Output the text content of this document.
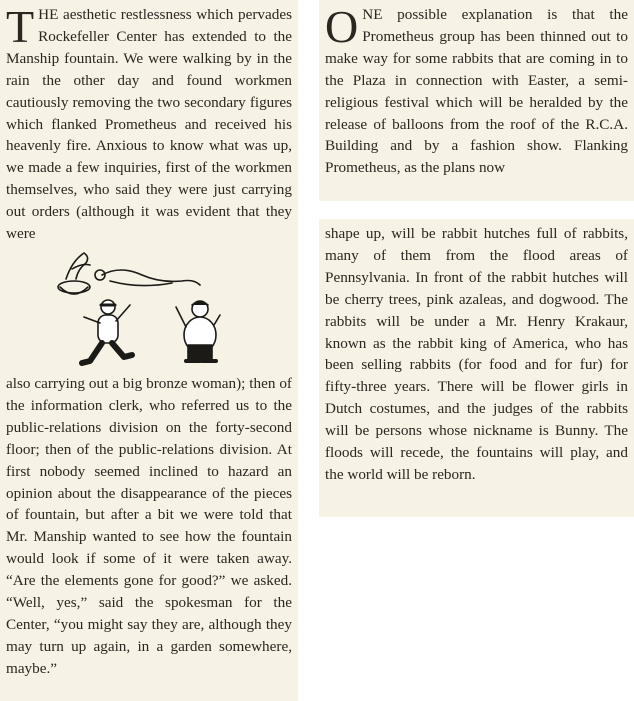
THE aesthetic restlessness which pervades Rockefeller Center has extended to the Manship fountain. We were walking by in the rain the other day and found workmen cautiously removing the two secondary figures which flanked Prometheus and received his heavenly fire. Anxious to know what was up, we made a few inquiries, first of the workmen themselves, who said they were just carrying out orders (although it was evident that they were

also carrying out a big bronze woman); then of the information clerk, who referred us to the public-relations division on the forty-second floor; then of the public-relations division. At first nobody seemed inclined to hazard an opinion about the disappearance of the pieces of fountain, but after a bit we were told that Mr. Manship wanted to see how the fountain would look if some of it were taken away. “Are the elements gone for good?” we asked. “Well, yes,” said the spokesman for the Center, “you might say they are, although they may turn up again, in a garden somewhere, maybe.”

ONE possible explanation is that the Prometheus group has been thinned out to make way for some rabbits that are coming in to the Plaza in connection with Easter, a semi-religious festival which will be heralded by the release of balloons from the roof of the R.C.A. Building and by a fashion show. Flanking Prometheus, as the plans now

shape up, will be rabbit hutches full of rabbits, many of them from the flood areas of Pennsylvania. In front of the rabbit hutches will be cherry trees, pink azaleas, and dogwood. The rabbits will be under a Mr. Henry Krakaur, known as the rabbit king of America, who has been selling rabbits (for food and for fur) for fifty-three years. There will be flower girls in Dutch costumes, and the judges of the rabbits will be persons whose nickname is Bunny. The floods will recede, the fountains will play, and the world will be reborn.
